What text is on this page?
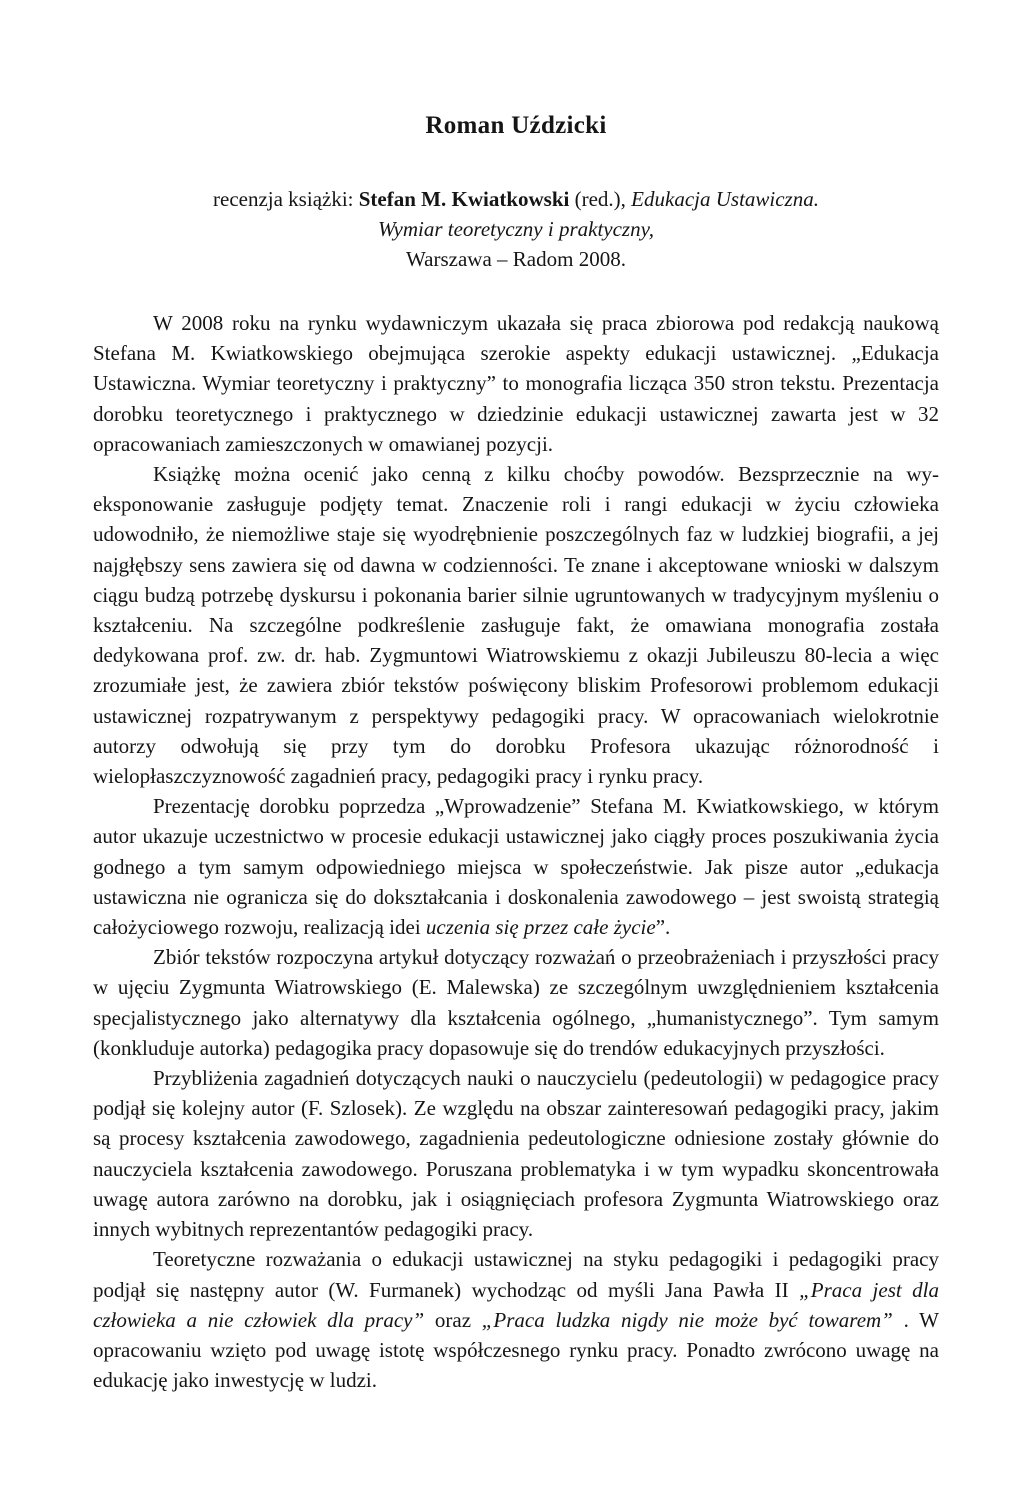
Roman Uździcki
recenzja książki: Stefan M. Kwiatkowski (red.), Edukacja Ustawiczna.
Wymiar teoretyczny i praktyczny,
Warszawa – Radom 2008.

W 2008 roku na rynku wydawniczym ukazała się praca zbiorowa pod redakcją naukową Stefana M. Kwiatkowskiego obejmująca szerokie aspekty edukacji ustawicznej. „Edukacja Ustawiczna. Wymiar teoretyczny i praktyczny” to monografia licząca 350 stron tekstu. Prezentacja dorobku teoretycznego i praktycznego w dziedzinie edukacji ustawicznej zawarta jest w 32 opracowaniach zamieszczonych w omawianej pozycji.

Książkę można ocenić jako cenną z kilku choćby powodów. Bezsprzecznie na wyeksponowanie zasługuje podjęty temat. Znaczenie roli i rangi edukacji w życiu człowieka udowodniło, że niemożliwe staje się wyodrębnienie poszczególnych faz w ludzkiej biografii, a jej najgłębszy sens zawiera się od dawna w codzienności. Te znane i akceptowane wnioski w dalszym ciągu budzą potrzebę dyskursu i pokonania barier silnie ugruntowanych w tradycyjnym myśleniu o kształceniu. Na szczególne podkreślenie zasługuje fakt, że omawiana monografia została dedykowana prof. zw. dr. hab. Zygmuntowi Wiatrowskiemu z okazji Jubileuszu 80-lecia a więc zrozumiałe jest, że zawiera zbiór tekstów poświęcony bliskim Profesorowi problemom edukacji ustawicznej rozpatrywanym z perspektywy pedagogiki pracy. W opracowaniach wielokrotnie autorzy odwołują się przy tym do dorobku Profesora ukazując różnorodność i wielopłaszczyznowość zagadnień pracy, pedagogiki pracy i rynku pracy.

Prezentację dorobku poprzedza „Wprowadzenie” Stefana M. Kwiatkowskiego, w którym autor ukazuje uczestnictwo w procesie edukacji ustawicznej jako ciągły proces poszukiwania życia godnego a tym samym odpowiedniego miejsca w społeczeństwie. Jak pisze autor „edukacja ustawiczna nie ogranicza się do dokształcania i doskonalenia zawodowego – jest swoistą strategią całożyciowego rozwoju, realizacją idei uczenia się przez całe życie”.

Zbiór tekstów rozpoczyna artykuł dotyczący rozważań o przeobrażeniach i przyszłości pracy w ujęciu Zygmunta Wiatrowskiego (E. Malewska) ze szczególnym uwzględnieniem kształcenia specjalistycznego jako alternatywy dla kształcenia ogólnego, „humanistycznego”. Tym samym (konkluduje autorka) pedagogika pracy dopasowuje się do trendów edukacyjnych przyszłości.

Przybliżenia zagadnień dotyczących nauki o nauczycielu (pedeutologii) w pedagogice pracy podjął się kolejny autor (F. Szlosek). Ze względu na obszar zainteresowań pedagogiki pracy, jakim są procesy kształcenia zawodowego, zagadnienia pedeutologiczne odniesione zostały głównie do nauczyciela kształcenia zawodowego. Poruszana problematyka i w tym wypadku skoncentrowała uwagę autora zarówno na dorobku, jak i osiągnięciach profesora Zygmunta Wiatrowskiego oraz innych wybitnych reprezentantów pedagogiki pracy.

Teoretyczne rozważania o edukacji ustawicznej na styku pedagogiki i pedagogiki pracy podjął się następny autor (W. Furmanek) wychodząc od myśli Jana Pawła II „Praca jest dla człowieka a nie człowiek dla pracy” oraz „Praca ludzka nigdy nie może być towarem” . W opracowaniu wzięto pod uwagę istotę współczesnego rynku pracy. Ponadto zwrócono uwagę na edukację jako inwestycję w ludzi.
